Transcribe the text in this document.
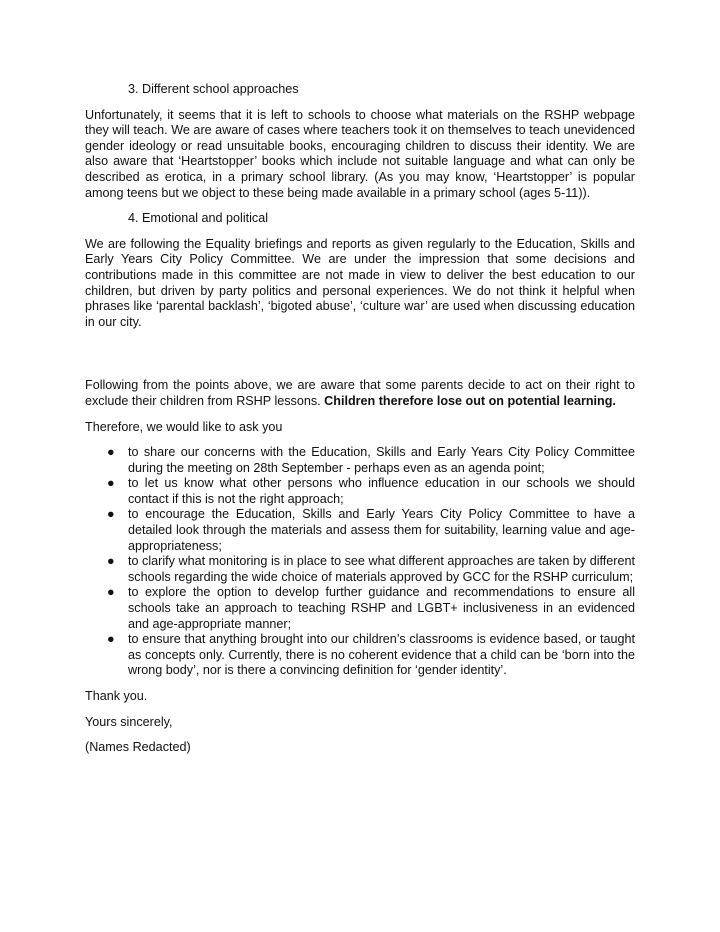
3. Different school approaches

Unfortunately, it seems that it is left to schools to choose what materials on the RSHP webpage they will teach. We are aware of cases where teachers took it on themselves to teach unevidenced gender ideology or read unsuitable books, encouraging children to discuss their identity. We are also aware that ‘Heartstopper’ books which include not suitable language and what can only be described as erotica, in a primary school library. (As you may know, ‘Heartstopper’ is popular among teens but we object to these being made available in a primary school (ages 5-11)).

4. Emotional and political

We are following the Equality briefings and reports as given regularly to the Education, Skills and Early Years City Policy Committee. We are under the impression that some decisions and contributions made in this committee are not made in view to deliver the best education to our children, but driven by party politics and personal experiences. We do not think it helpful when phrases like ‘parental backlash’, ‘bigoted abuse’, ‘culture war’ are used when discussing education in our city.

Following from the points above, we are aware that some parents decide to act on their right to exclude their children from RSHP lessons. Children therefore lose out on potential learning.

Therefore, we would like to ask you

● to share our concerns with the Education, Skills and Early Years City Policy Committee during the meeting on 28th September - perhaps even as an agenda point;
● to let us know what other persons who influence education in our schools we should contact if this is not the right approach;
● to encourage the Education, Skills and Early Years City Policy Committee to have a detailed look through the materials and assess them for suitability, learning value and age-appropriateness;
● to clarify what monitoring is in place to see what different approaches are taken by different schools regarding the wide choice of materials approved by GCC for the RSHP curriculum;
● to explore the option to develop further guidance and recommendations to ensure all schools take an approach to teaching RSHP and LGBT+ inclusiveness in an evidenced and age-appropriate manner;
● to ensure that anything brought into our children’s classrooms is evidence based, or taught as concepts only. Currently, there is no coherent evidence that a child can be ‘born into the wrong body’, nor is there a convincing definition for ‘gender identity’.

Thank you.

Yours sincerely,

(Names Redacted)
